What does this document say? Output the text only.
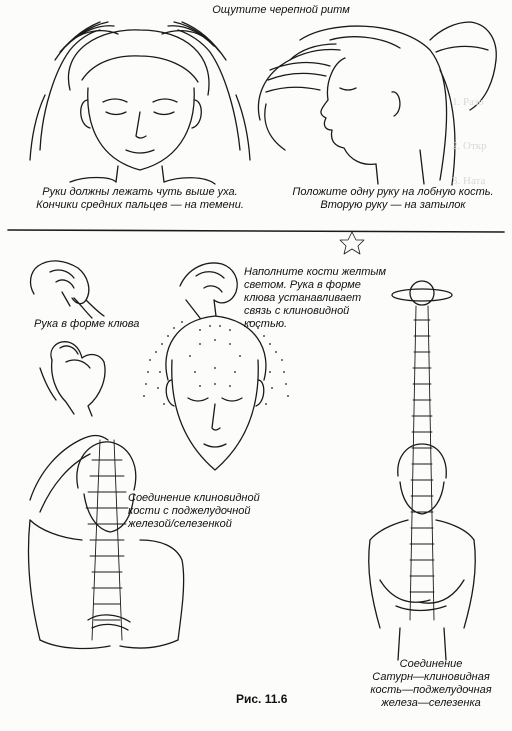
1. Разо
2. Откр
3. Ната
Ощутите черепной ритм
Руки должны лежать чуть выше уха.
Кончики средних пальцев — на темени.
Положите одну руку на лобную кость.
Вторую руку — на затылок
Рука в форме клюва
Наполните кости желтым
светом. Рука в форме
клюва устанавливает
связь с клиновидной
костью.
Соединение клиновидной
кости с поджелудочной
железой/селезенкой
Соединение
Сатурн—клиновидная
кость—поджелудочная
железа—селезенка
Рис. 11.6
